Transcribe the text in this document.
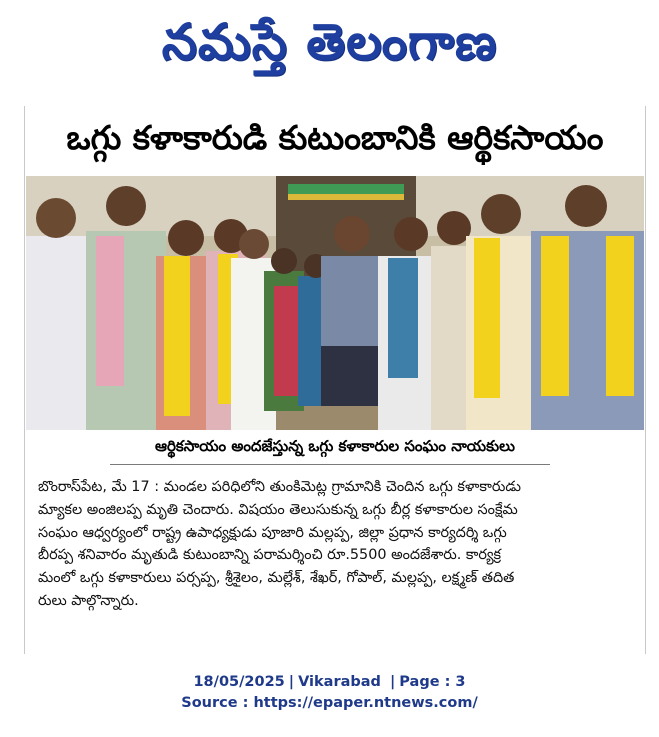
నమస్తే తెలంగాణ
ఒగ్గు కళాకారుడి కుటుంబానికి ఆర్థికసాయం
ఆర్థికసాయం అందజేస్తున్న ఒగ్గు కళాకారుల సంఘం నాయకులు
బొంరాస్‌పేట, మే 17 : మండల పరిధిలోని తుంకిమెట్ల గ్రామానికి చెందిన ఒగ్గు కళాకారుడు
మ్యాకల అంజిలప్ప మృతి చెందారు. విషయం తెలుసుకున్న ఒగ్గు బీర్ల కళాకారుల సంక్షేమ
సంఘం ఆధ్వర్యంలో రాష్ట్ర ఉపాధ్యక్షుడు పూజారి మల్లప్ప, జిల్లా ప్రధాన కార్యదర్శి ఒగ్గు
బీరప్ప శనివారం మృతుడి కుటుంబాన్ని పరామర్శించి రూ.5500 అందజేశారు. కార్యక్ర
మంలో ఒగ్గు కళాకారులు పర్సప్ప, శ్రీశైలం, మల్లేశ్‌, శేఖర్‌, గోపాల్‌, మల్లప్ప, లక్ష్మణ్‌ తదిత
రులు పాల్గొన్నారు.
18/05/2025 | Vikarabad | Page : 3
Source : https://epaper.ntnews.com/
